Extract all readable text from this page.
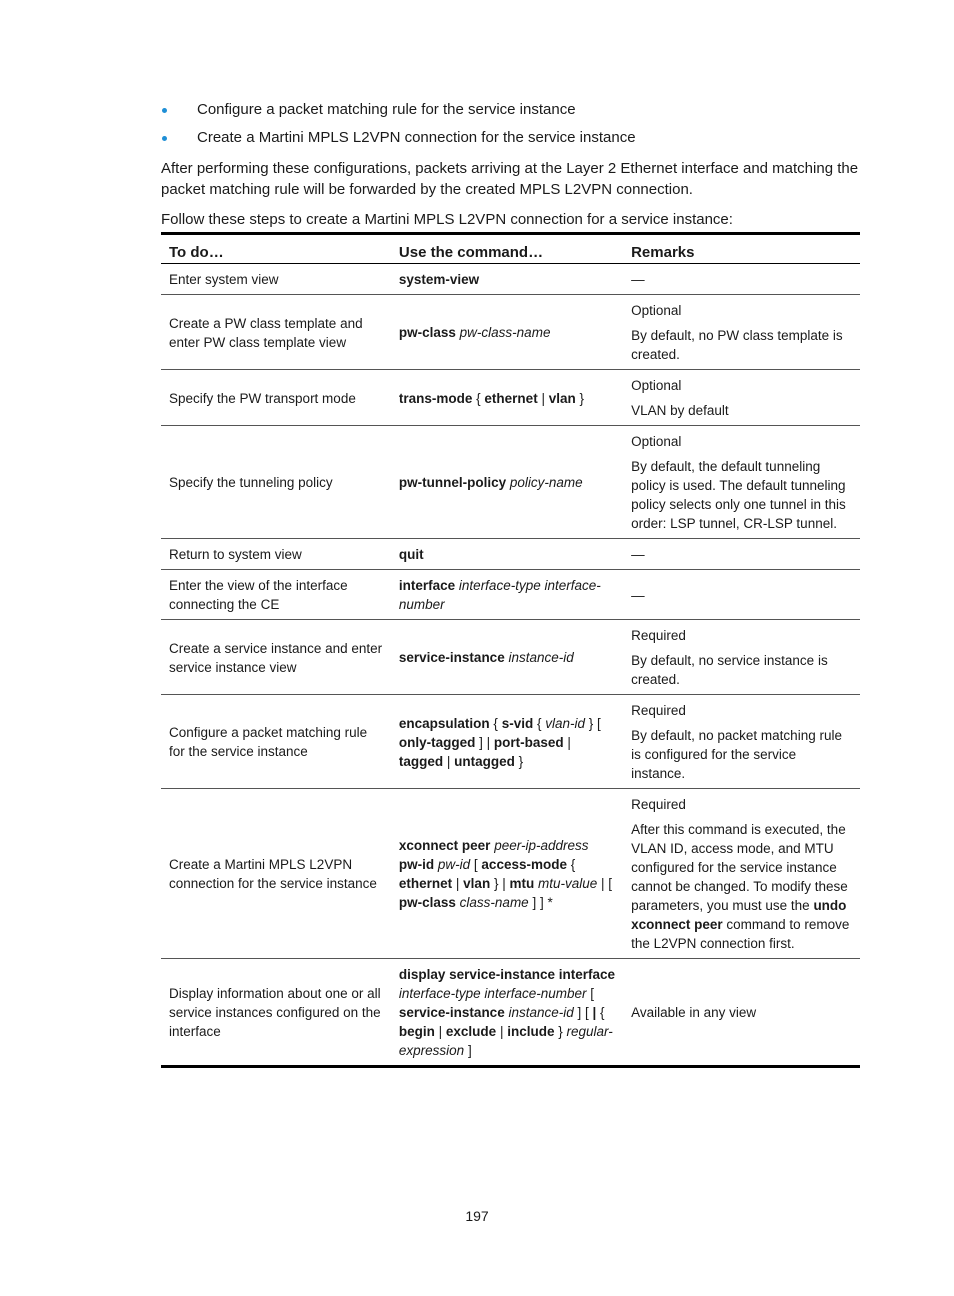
Configure a packet matching rule for the service instance
Create a Martini MPLS L2VPN connection for the service instance

After performing these configurations, packets arriving at the Layer 2 Ethernet interface and matching the packet matching rule will be forwarded by the created MPLS L2VPN connection.

Follow these steps to create a Martini MPLS L2VPN connection for a service instance:

To do…	Use the command…	Remarks
Enter system view	system-view	—

Create a PW class template and enter PW class template view	pw-class pw-class-name	Optional
By default, no PW class template is created.

Specify the PW transport mode	trans-mode { ethernet | vlan }	Optional
VLAN by default

Specify the tunneling policy	pw-tunnel-policy policy-name	Optional
By default, the default tunneling policy is used. The default tunneling policy selects only one tunnel in this order: LSP tunnel, CR-LSP tunnel.

Return to system view	quit	—

Enter the view of the interface connecting the CE	interface interface-type interface-number	—

Create a service instance and enter service instance view	service-instance instance-id	Required
By default, no service instance is created.

Configure a packet matching rule for the service instance	encapsulation { s-vid { vlan-id } [ only-tagged ] | port-based | tagged | untagged }	Required
By default, no packet matching rule is configured for the service instance.

Create a Martini MPLS L2VPN connection for the service instance	xconnect peer peer-ip-address pw-id pw-id [ access-mode { ethernet | vlan } | mtu mtu-value | [ pw-class class-name ] ] *	Required
After this command is executed, the VLAN ID, access mode, and MTU configured for the service instance cannot be changed. To modify these parameters, you must use the undo xconnect peer command to remove the L2VPN connection first.

Display information about one or all service instances configured on the interface	display service-instance interface interface-type interface-number [ service-instance instance-id ] [ | { begin | exclude | include } regular-expression ]	Available in any view
197
